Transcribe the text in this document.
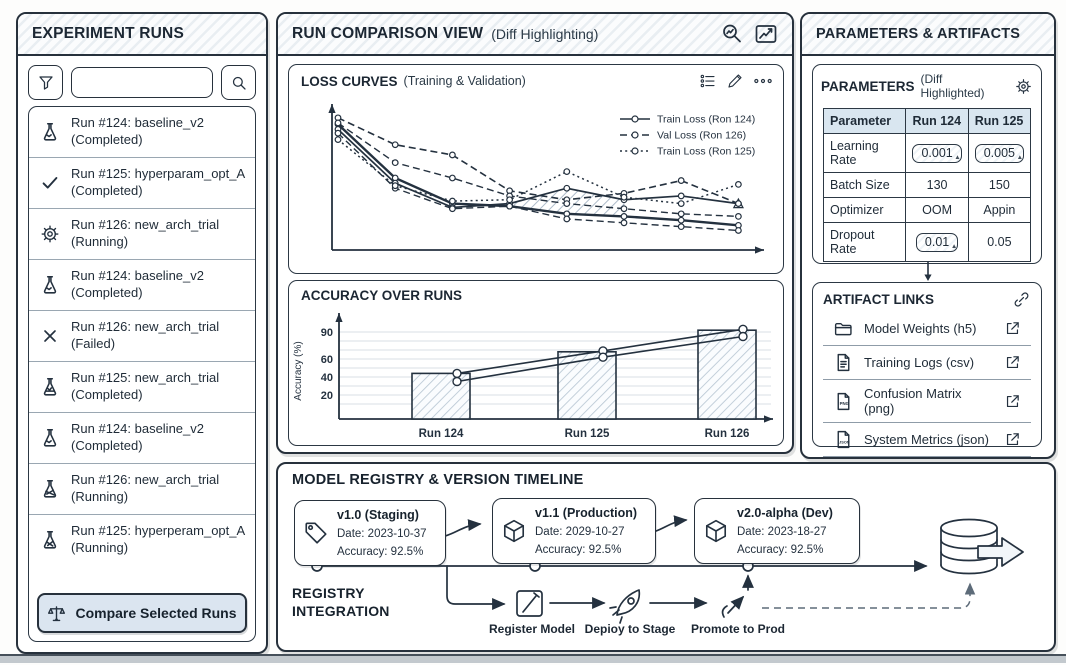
EXPERIMENT RUNS
Run #124: baseline_v2
(Completed)
Run #125: hyperparam_opt_A
(Completed)
Run #126: new_arch_trial
(Running)
Run #124: baseline_v2
(Completed)
Run #126: new_arch_trial
(Failed)
Run #125: new_arch_trial
(Completed)
Run #124: baseline_v2
(Completed)
Run #126: new_arch_trial
(Running)
Run #125: hyperperam_opt_A
(Running)
Compare Selected Runs
RUN COMPARISON VIEW (Diff Highlighting)
LOSS CURVES (Training & Validation)
Train Loss (Ron 124)
Val Loss (Ron 126)
Train Loss (Ron 125)
ACCURACY OVER RUNS
20
40
60
90
Accuracy (%)
Run 124	Run 125	Run 126
PARAMETERS & ARTIFACTS
PARAMETERS (Diff Highlighted)
Parameter	Run 124	Run 125
Learning Rate	0.001 ▲	0.005 ▲
Batch Size	130	150
Optimizer	OOM	Appin
Dropout Rate	0.01 ▲	0.05
ARTIFACT LINKS
Model Weights (h5)
Training Logs (csv)
PNG
Confusion Matrix (png)
JSON System Metrics (json)
MODEL REGISTRY & VERSION TIMELINE
v1.0 (Staging)
Date: 2023-10-37
Accuracy: 92.5%
v1.1 (Production)
Date: 2029-10-27
Accuracy: 92.5%
v2.0-alpha (Dev)
Date: 2023-18-27
Accuracy: 92.5%
REGISTRY INTEGRATION
Register Model Depioy to Stage	Promote to Prod
